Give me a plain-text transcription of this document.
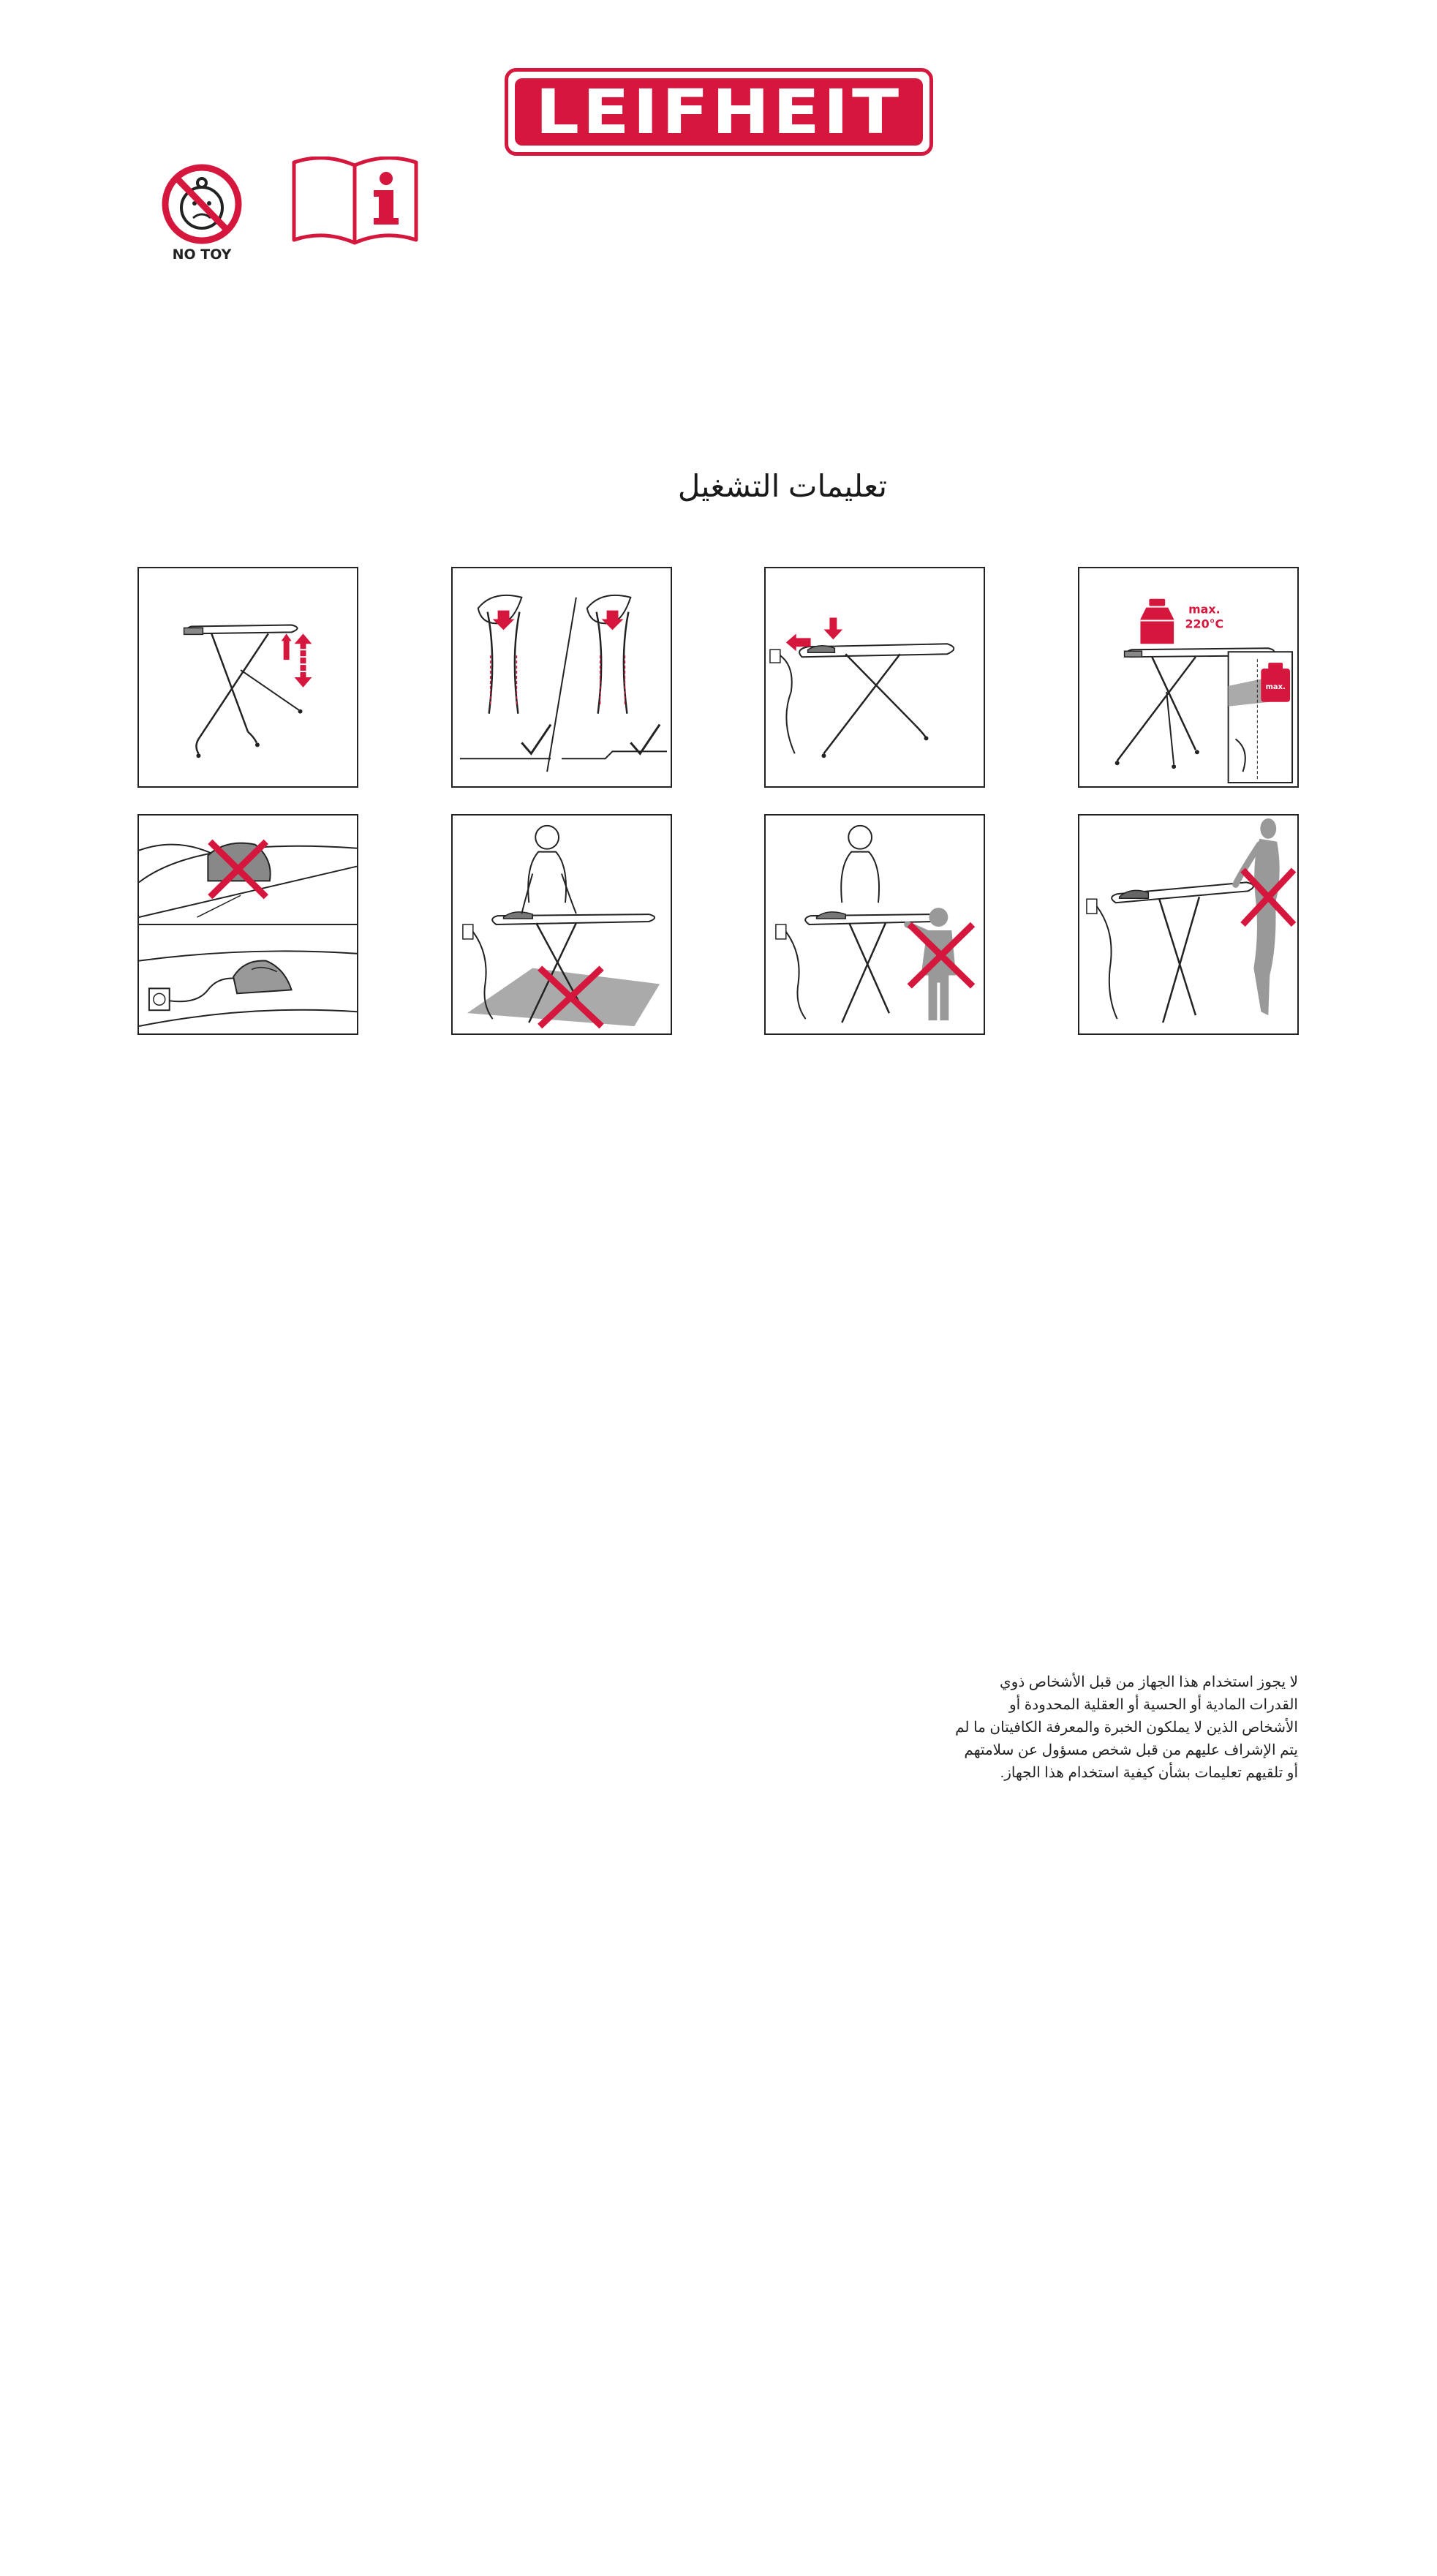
LEIFHEIT
NO TOY
تعليمات التشغيل
max.
220°C
max.
لا يجوز استخدام هذا الجهاز من قبل الأشخاص ذوي القدرات المادية أو الحسية أو العقلية المحدودة أو الأشخاص الذين لا يملكون الخبرة والمعرفة الكافيتان ما لم يتم الإشراف عليهم من قبل شخص مسؤول عن سلامتهم أو تلقيهم تعليمات بشأن كيفية استخدام هذا الجهاز.
